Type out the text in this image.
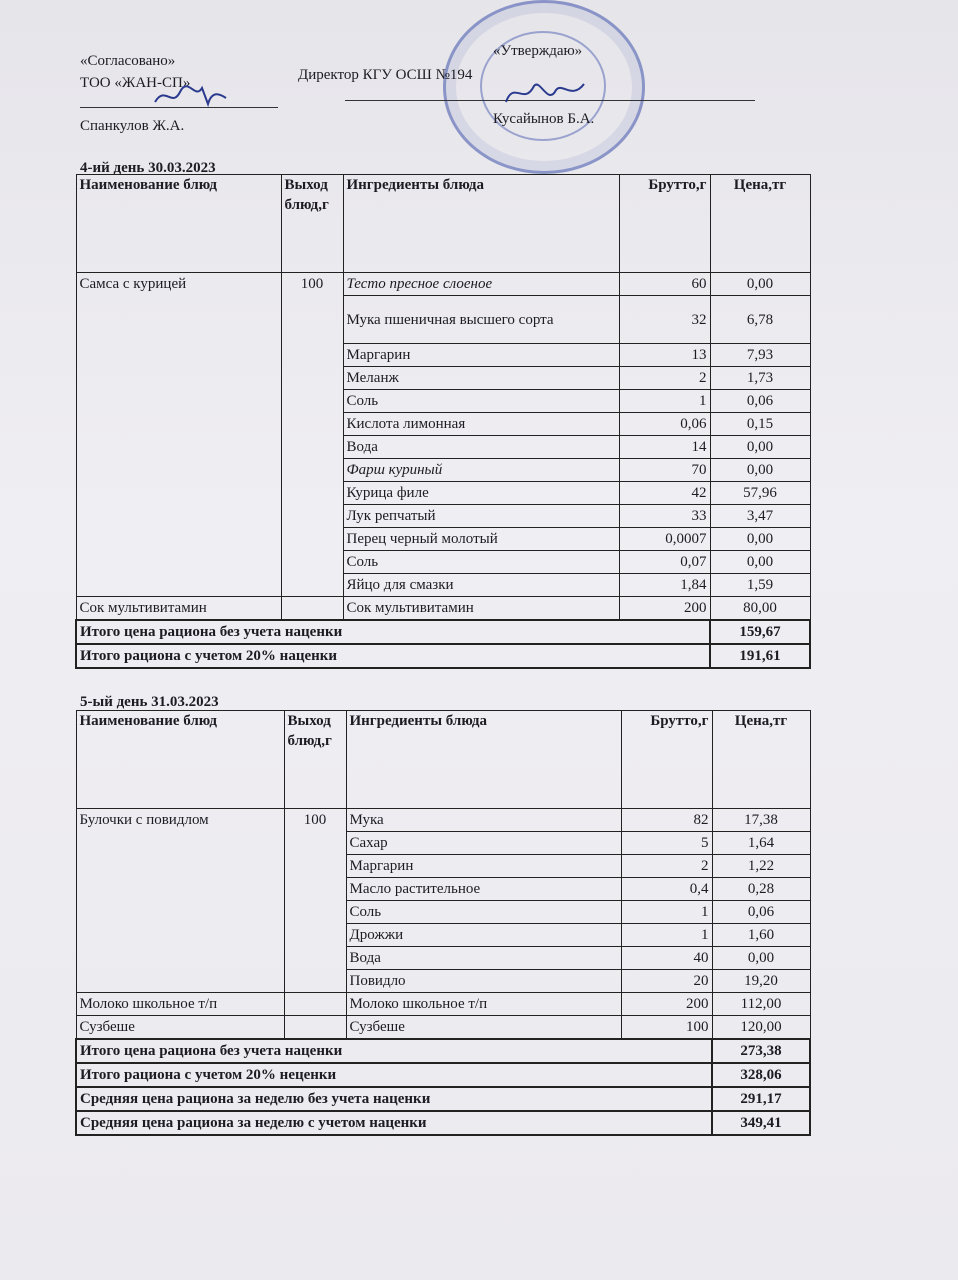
«Согласовано»
ТОО «ЖАН-СП»
Спанкулов Ж.А.
«Утверждаю»
Директор КГУ ОСШ №194
Кусайынов Б.А.
4-ий день 30.03.2023
Наименование блюд	Выход блюд,г	Ингредиенты блюда	Брутто,г	Цена,тг
Самса с курицей	100	Тесто пресное слоеное	60	0,00
		Мука пшеничная высшего сорта	32	6,78
		Маргарин	13	7,93
		Меланж	2	1,73
		Соль	1	0,06
		Кислота лимонная	0,06	0,15
		Вода	14	0,00
		Фарш куриный	70	0,00
		Курица филе	42	57,96
		Лук репчатый	33	3,47
		Перец черный молотый	0,0007	0,00
		Соль	0,07	0,00
		Яйцо для смазки	1,84	1,59
Сок мультивитамин		Сок мультивитамин	200	80,00
Итого цена рациона без учета наценки				159,67
Итого рациона с учетом 20% наценки				191,61
5-ый день 31.03.2023
Наименование блюд	Выход блюд,г	Ингредиенты блюда	Брутто,г	Цена,тг
Булочки с повидлом	100	Мука	82	17,38
		Сахар	5	1,64
		Маргарин	2	1,22
		Масло растительное	0,4	0,28
		Соль	1	0,06
		Дрожжи	1	1,60
		Вода	40	0,00
		Повидло	20	19,20
Молоко школьное т/п		Молоко школьное т/п	200	112,00
Сузбеше		Сузбеше	100	120,00
Итого цена рациона без учета наценки				273,38
Итого рациона с учетом 20% неценки				328,06
Средняя цена рациона за неделю без учета наценки				291,17
Средняя цена рациона за неделю с учетом наценки				349,41
